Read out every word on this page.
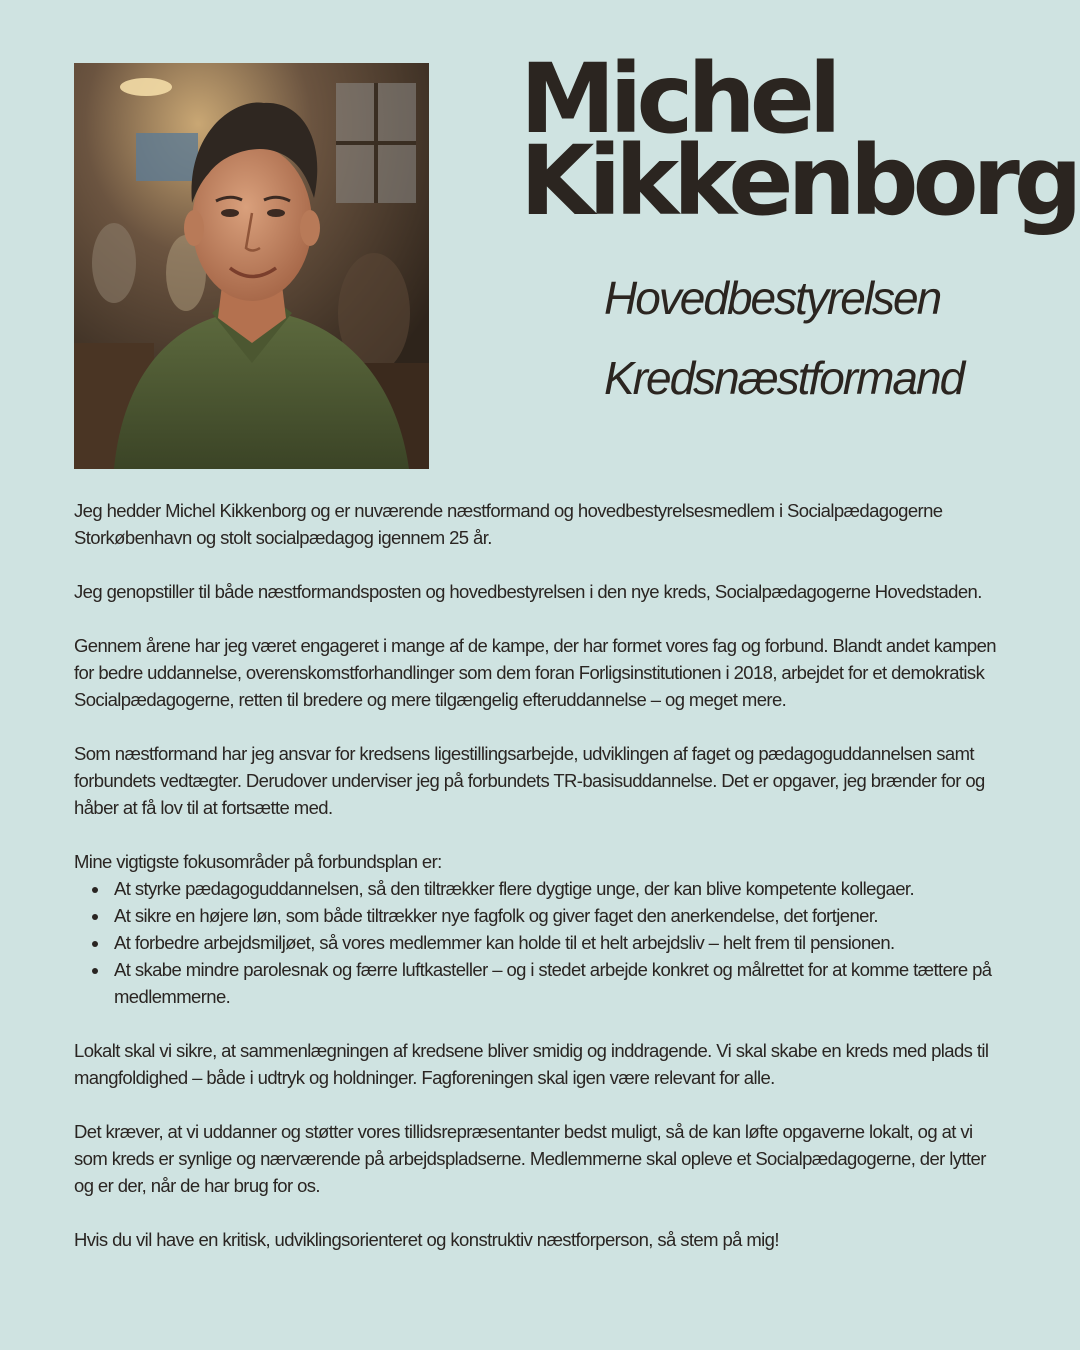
Michel
Kikkenborg

Hovedbestyrelsen

Kredsnæstformand

Jeg hedder Michel Kikkenborg og er nuværende næstformand og hovedbestyrelsesmedlem i Socialpædagogerne Storkøbenhavn og stolt socialpædagog igennem 25 år.

Jeg genopstiller til både næstformandsposten og hovedbestyrelsen i den nye kreds, Socialpædagogerne Hovedstaden.

Gennem årene har jeg været engageret i mange af de kampe, der har formet vores fag og forbund. Blandt andet kampen for bedre uddannelse, overenskomstforhandlinger som dem foran Forligsinstitutionen i 2018, arbejdet for et demokratisk Socialpædagogerne, retten til bredere og mere tilgængelig efteruddannelse – og meget mere.

Som næstformand har jeg ansvar for kredsens ligestillingsarbejde, udviklingen af faget og pædagoguddannelsen samt forbundets vedtægter. Derudover underviser jeg på forbundets TR-basisuddannelse. Det er opgaver, jeg brænder for og håber at få lov til at fortsætte med.

Mine vigtigste fokusområder på forbundsplan er:

• At styrke pædagoguddannelsen, så den tiltrækker flere dygtige unge, der kan blive kompetente kollegaer.
• At sikre en højere løn, som både tiltrækker nye fagfolk og giver faget den anerkendelse, det fortjener.
• At forbedre arbejdsmiljøet, så vores medlemmer kan holde til et helt arbejdsliv – helt frem til pensionen.
• At skabe mindre parolesnak og færre luftkasteller – og i stedet arbejde konkret og målrettet for at komme tættere på medlemmerne.

Lokalt skal vi sikre, at sammenlægningen af kredsene bliver smidig og inddragende. Vi skal skabe en kreds med plads til mangfoldighed – både i udtryk og holdninger. Fagforeningen skal igen være relevant for alle.

Det kræver, at vi uddanner og støtter vores tillidsrepræsentanter bedst muligt, så de kan løfte opgaverne lokalt, og at vi som kreds er synlige og nærværende på arbejdspladserne. Medlemmerne skal opleve et Socialpædagogerne, der lytter og er der, når de har brug for os.

Hvis du vil have en kritisk, udviklingsorienteret og konstruktiv næstforperson, så stem på mig!
